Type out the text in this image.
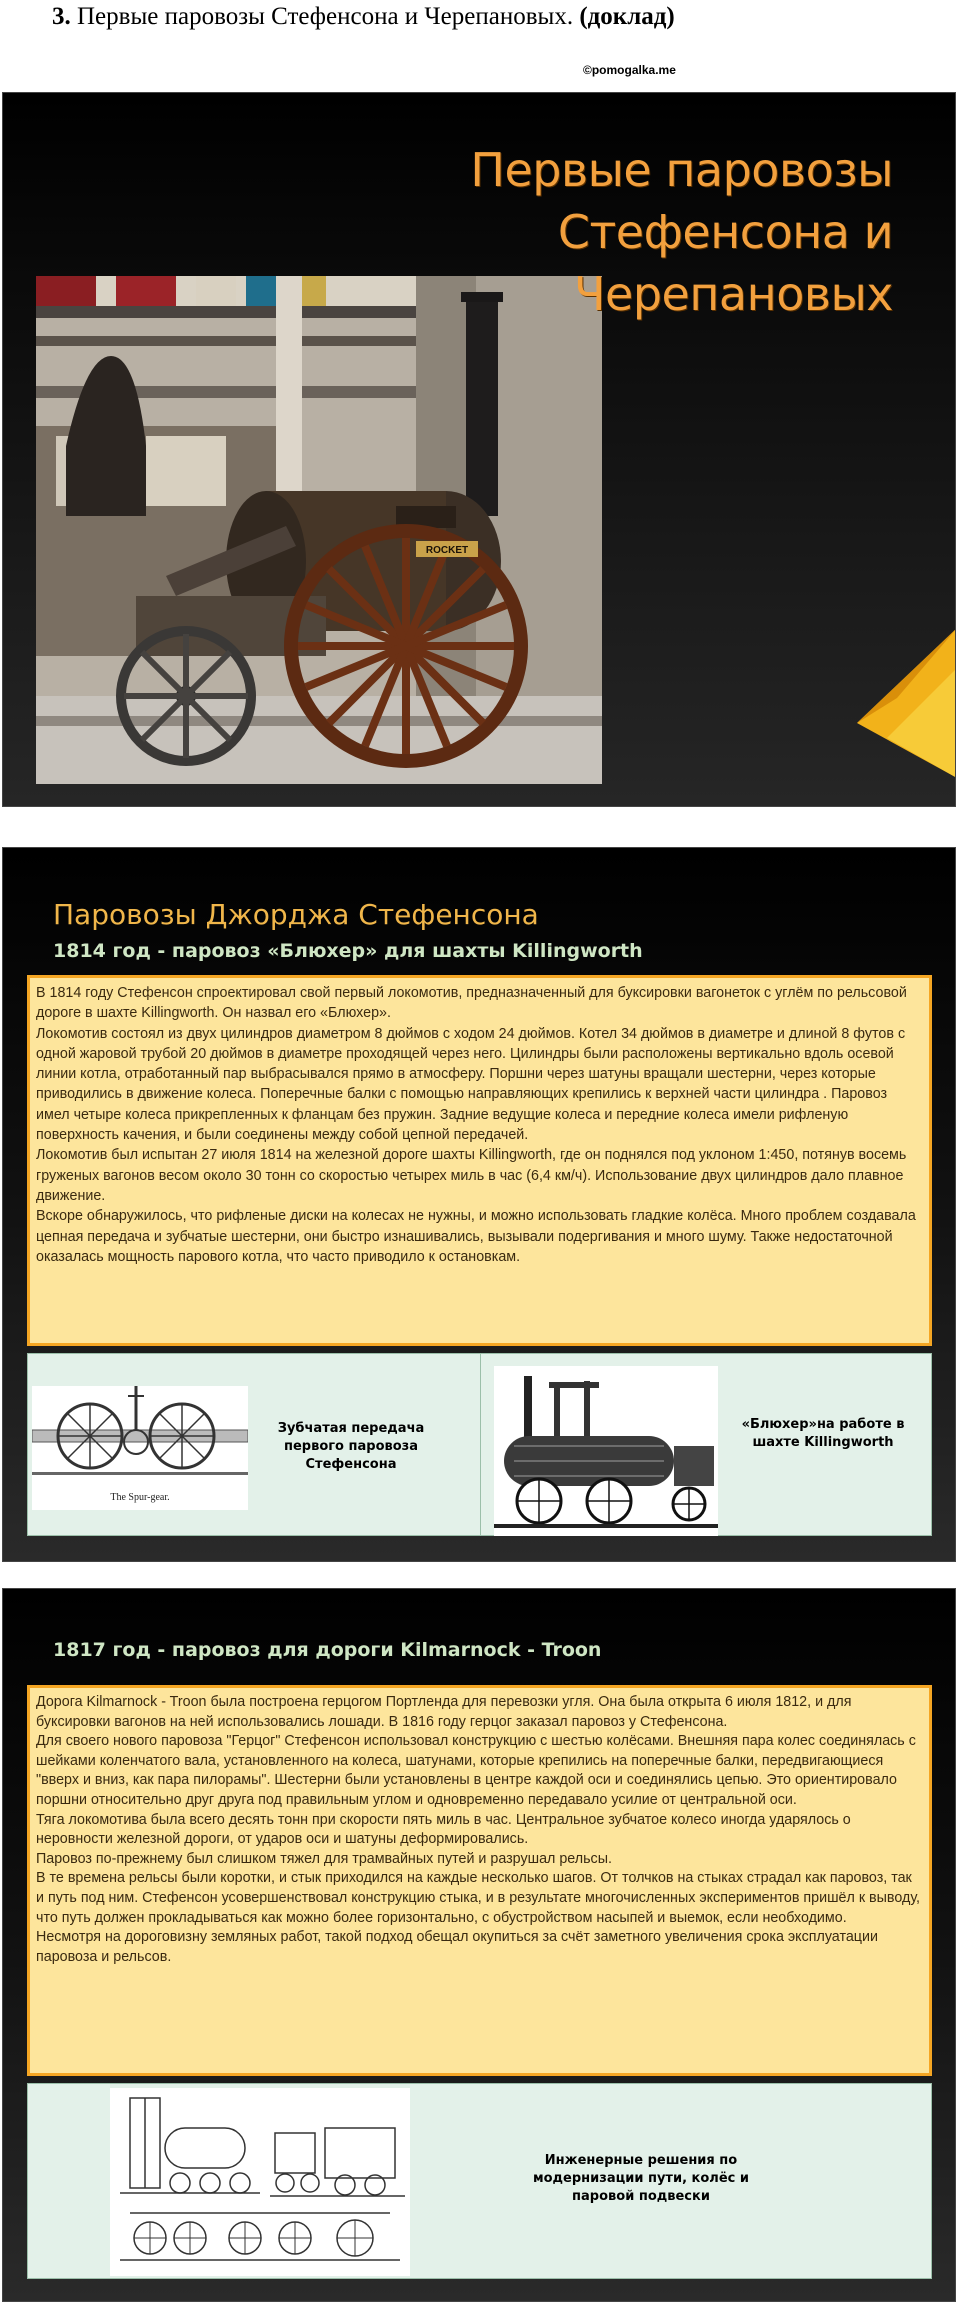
3. Первые паровозы Стефенсона и Черепановых. (доклад)
©pomogalka.me
ROCKET
Первые паровозы
Стефенсона и
Черепановых
Паровозы Джорджа Стефенсона
1814 год - паровоз «Блюхер» для шахты Killingworth

В 1814 году Стефенсон спроектировал свой первый локомотив, предназначенный для буксировки вагонеток с углём по рельсовой дороге в шахте Killingworth. Он назвал его «Блюхер».

Локомотив состоял из двух цилиндров диаметром 8 дюймов с ходом 24 дюймов. Котел 34 дюймов в диаметре и длиной 8 футов с одной жаровой трубой 20 дюймов в диаметре проходящей через него. Цилиндры были расположены вертикально вдоль осевой линии котла, отработанный пар выбрасывался прямо в атмосферу. Поршни через шатуны вращали шестерни, через которые приводились в движение колеса. Поперечные балки с помощью направляющих крепились к верхней части цилиндра . Паровоз имел четыре колеса прикрепленных к фланцам без пружин. Задние ведущие колеса и передние колеса имели рифленую поверхность качения, и были соединены между собой цепной передачей.

Локомотив был испытан 27 июля 1814 на железной дороге шахты Killingworth, где он поднялся под уклоном 1:450, потянув восемь груженых вагонов весом около 30 тонн со скоростью четырех миль в час (6,4 км/ч). Использование двух цилиндров дало плавное движение.

Вскоре обнаружилось, что рифленые диски на колесах не нужны, и можно использовать гладкие колёса. Много проблем создавала цепная передача и зубчатые шестерни, они быстро изнашивались, вызывали подергивания и много шуму. Также недостаточной оказалась мощность парового котла, что часто приводило к остановкам.

The Spur-gear.
Зубчатая передача первого паровоза Стефенсона
«Блюхер»на работе в шахте Killingworth
1817 год - паровоз для дороги Kilmarnock - Troon

Дорога Kilmarnock - Troon была построена герцогом Портленда для перевозки угля. Она была открыта 6 июля 1812, и для буксировки вагонов на ней использовались лошади. В 1816 году герцог заказал паровоз у Стефенсона.

Для своего нового паровоза "Герцог" Стефенсон использовал конструкцию с шестью колёсами. Внешняя пара колес соединялась с шейками коленчатого вала, установленного на колеса, шатунами, которые крепились на поперечные балки, передвигающиеся "вверх и вниз, как пара пилорамы". Шестерни были установлены в центре каждой оси и соединялись цепью. Это ориентировало поршни относительно друг друга под правильным углом и одновременно передавало усилие от центральной оси.

Тяга локомотива была всего десять тонн при скорости пять миль в час. Центральное зубчатое колесо иногда ударялось о неровности железной дороги, от ударов оси и шатуны деформировались.

Паровоз по-прежнему был слишком тяжел для трамвайных путей и разрушал рельсы.

В те времена рельсы были коротки, и стык приходился на каждые несколько шагов. От толчков на стыках страдал как паровоз, так и путь под ним. Стефенсон усовершенствовал конструкцию стыка, и в результате многочисленных экспериментов пришёл к выводу, что путь должен прокладываться как можно более горизонтально, с обустройством насыпей и выемок, если необходимо.

Несмотря на дороговизну земляных работ, такой подход обещал окупиться за счёт заметного увеличения срока эксплуатации паровоза и рельсов.

Инженерные решения по модернизации пути, колёс и паровой подвески
